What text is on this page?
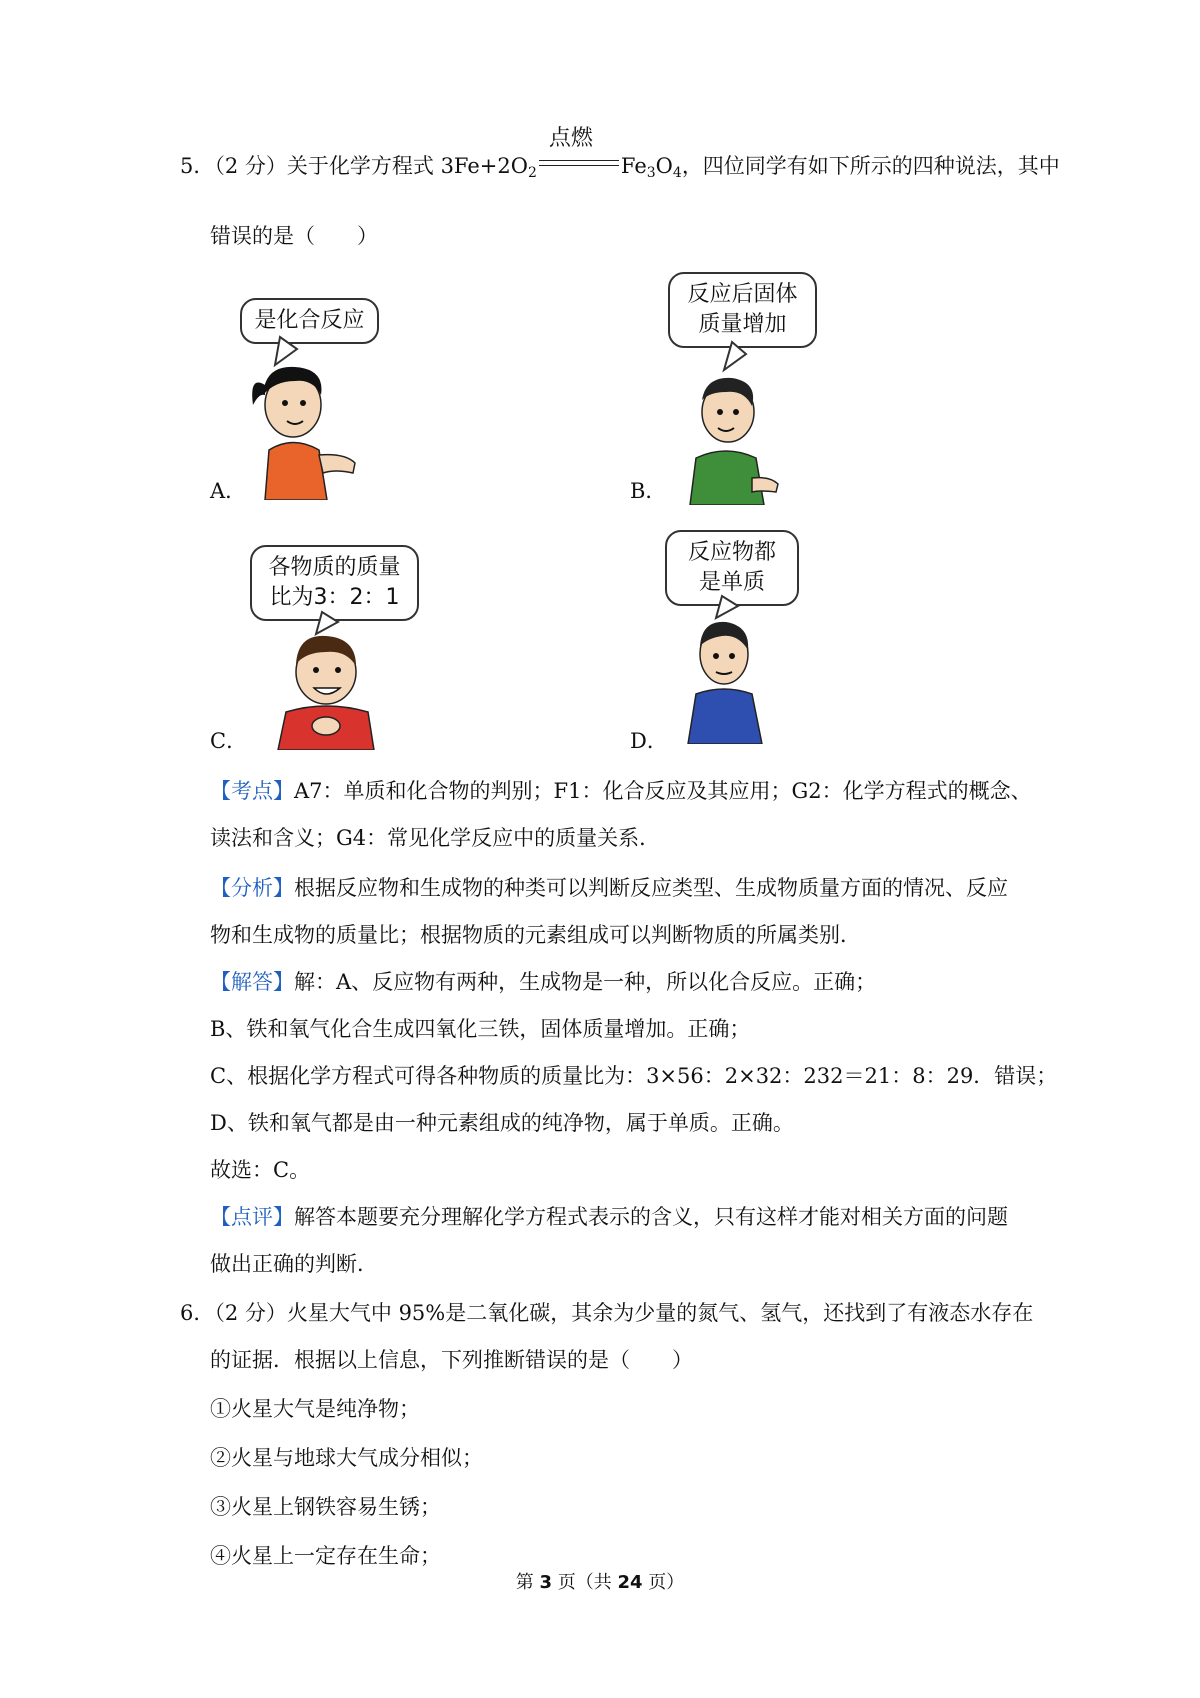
5．（2 分）关于化学方程式 $3Fe+2O_2$
点燃
$Fe_3O_4$，四位同学有如下所示的四种说法，其中
错误的是（　　）
是化合反应
A．
反应后固体
质量增加
B．
各物质的质量
比为3：2：1
C．
反应物都
是单质
D．
【考点】A7：单质和化合物的判别；F1：化合反应及其应用；G2：化学方程式的概念、
读法和含义；G4：常见化学反应中的质量关系．
【分析】根据反应物和生成物的种类可以判断反应类型、生成物质量方面的情况、反应
物和生成物的质量比；根据物质的元素组成可以判断物质的所属类别．
【解答】解：A、反应物有两种，生成物是一种，所以化合反应。正确；
B、铁和氧气化合生成四氧化三铁，固体质量增加。正确；
C、根据化学方程式可得各种物质的质量比为：3×56：2×32：232＝21：8：29．错误；
D、铁和氧气都是由一种元素组成的纯净物，属于单质。正确。
故选：C。
【点评】解答本题要充分理解化学方程式表示的含义，只有这样才能对相关方面的问题
做出正确的判断．
6．（2 分）火星大气中 95%是二氧化碳，其余为少量的氮气、氢气，还找到了有液态水存在
的证据．根据以上信息，下列推断错误的是（　　）
①火星大气是纯净物；
②火星与地球大气成分相似；
③火星上钢铁容易生锈；
④火星上一定存在生命；
第 3 页（共 24 页）
